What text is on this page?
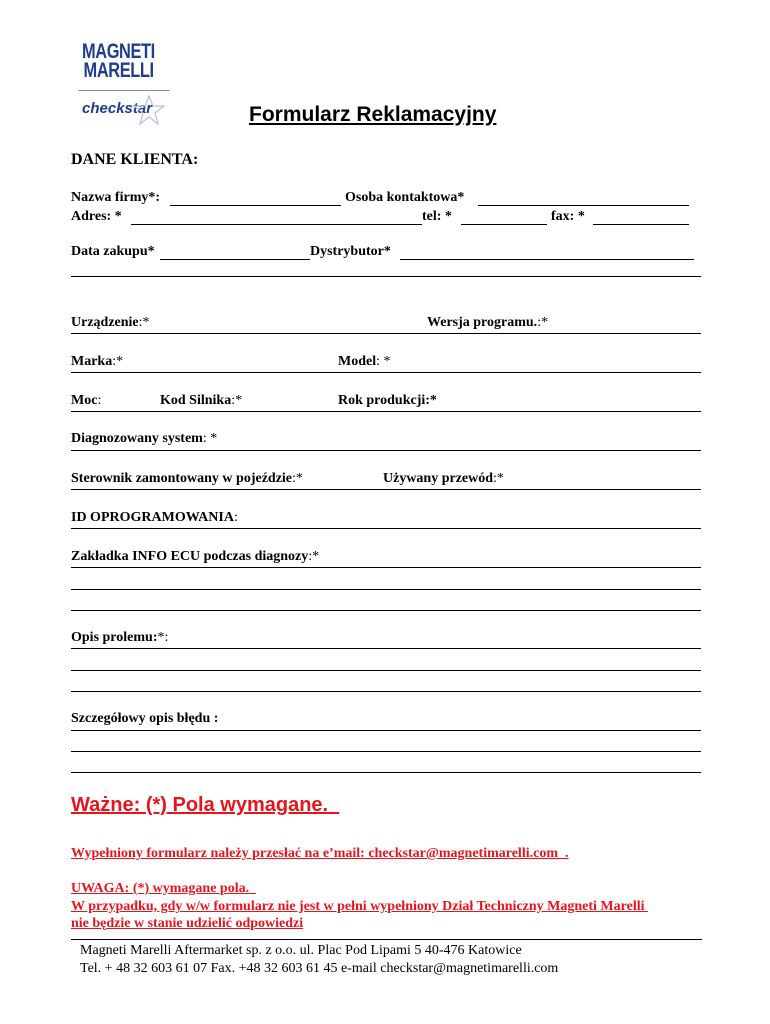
MAGNETI
MARELLI
checkstar	Formularz Reklamacyjny
DANE KLIENTA:
Nazwa firmy*:	Osoba kontaktowa*
Adres: *	tel: *	fax: *
Data zakupu*	Dystrybutor*
Urządzenie:*	Wersja programu.:*
Marka:*	Model: *
Moc:	Kod Silnika:*	Rok produkcji:*
Diagnozowany system: *
Sterownik zamontowany w pojeździe:*	Używany przewód:*
ID OPROGRAMOWANIA:
Zakładka INFO ECU podczas diagnozy:*
Opis prolemu:*:
Szczegółowy opis błędu :
Ważne: (*) Pola wymagane.
Wypełniony formularz należy przesłać na e’mail: checkstar@magnetimarelli.com  .
UWAGA: (*) wymagane pola.
W przypadku, gdy w/w formularz nie jest w pełni wypełniony Dział Techniczny Magneti Marelli
nie będzie w stanie udzielić odpowiedzi
Magneti Marelli Aftermarket sp. z o.o. ul. Plac Pod Lipami 5 40-476 Katowice
Tel. + 48 32 603 61 07 Fax. +48 32 603 61 45 e-mail checkstar@magnetimarelli.com
